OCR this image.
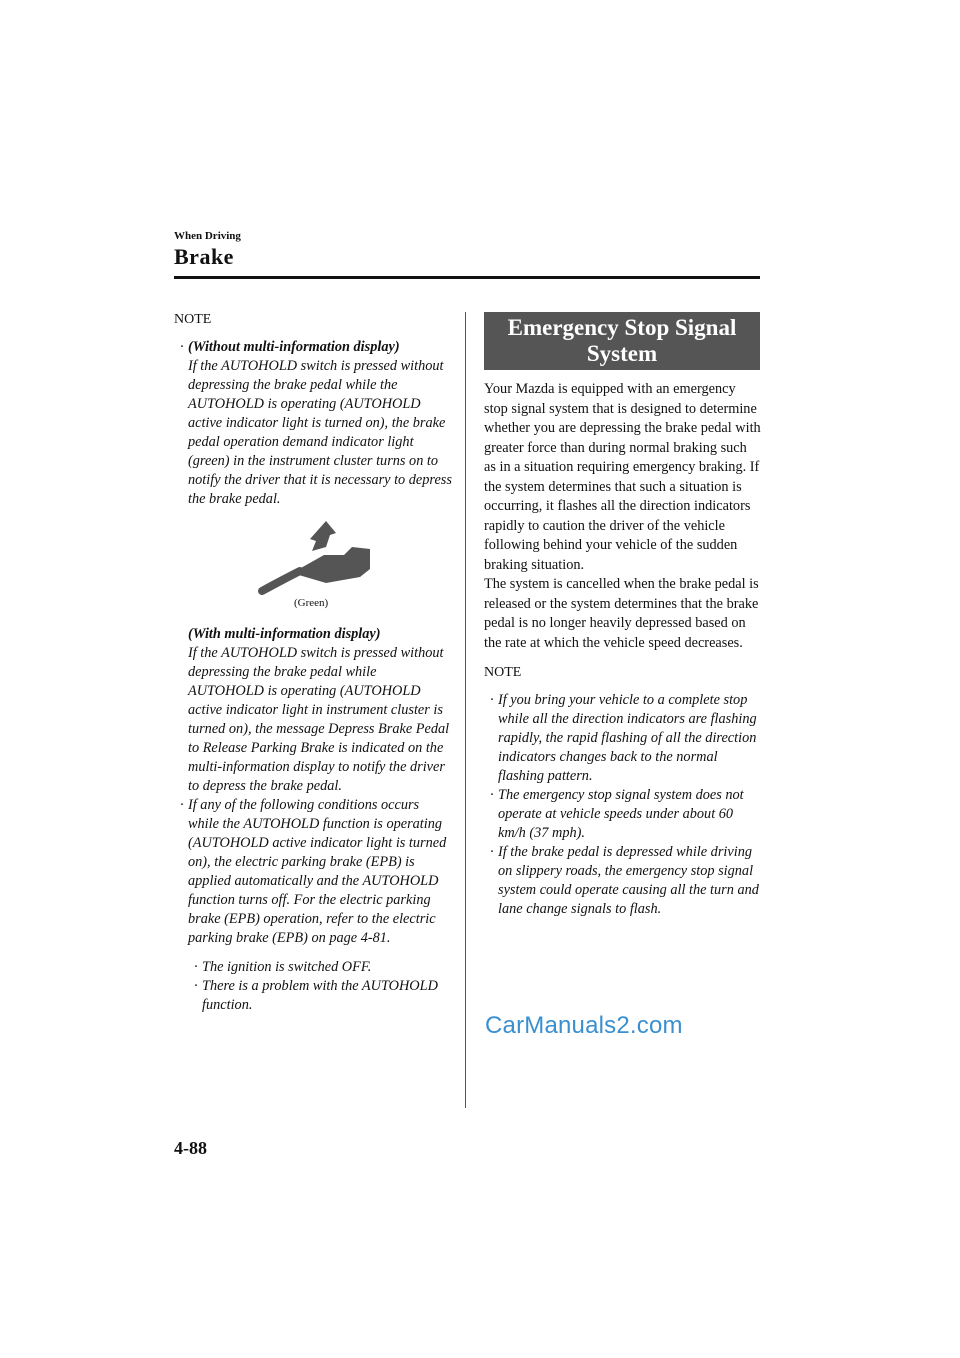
When Driving
Brake
NOTE
· (Without multi-information display)
If the AUTOHOLD switch is pressed without depressing the brake pedal while the AUTOHOLD is operating (AUTOHOLD active indicator light is turned on), the brake pedal operation demand indicator light (green) in the instrument cluster turns on to notify the driver that it is necessary to depress the brake pedal.
(Green)
(With multi-information display)
If the AUTOHOLD switch is pressed without depressing the brake pedal while AUTOHOLD is operating (AUTOHOLD active indicator light in instrument cluster is turned on), the message Depress Brake Pedal to Release Parking Brake is indicated on the multi-information display to notify the driver to depress the brake pedal.
· If any of the following conditions occurs while the AUTOHOLD function is operating (AUTOHOLD active indicator light is turned on), the electric parking brake (EPB) is applied automatically and the AUTOHOLD function turns off. For the electric parking brake (EPB) operation, refer to the electric parking brake (EPB) on page 4-81.
· The ignition is switched OFF.
· There is a problem with the AUTOHOLD function.
Emergency Stop Signal
System
Your Mazda is equipped with an emergency stop signal system that is designed to determine whether you are depressing the brake pedal with greater force than during normal braking such as in a situation requiring emergency braking. If the system determines that such a situation is occurring, it flashes all the direction indicators rapidly to caution the driver of the vehicle following behind your vehicle of the sudden braking situation.
The system is cancelled when the brake pedal is released or the system determines that the brake pedal is no longer heavily depressed based on the rate at which the vehicle speed decreases.
NOTE
· If you bring your vehicle to a complete stop while all the direction indicators are flashing rapidly, the rapid flashing of all the direction indicators changes back to the normal flashing pattern.
· The emergency stop signal system does not operate at vehicle speeds under about 60 km/h (37 mph).
· If the brake pedal is depressed while driving on slippery roads, the emergency stop signal system could operate causing all the turn and lane change signals to flash.
CarManuals2.com
4-88
